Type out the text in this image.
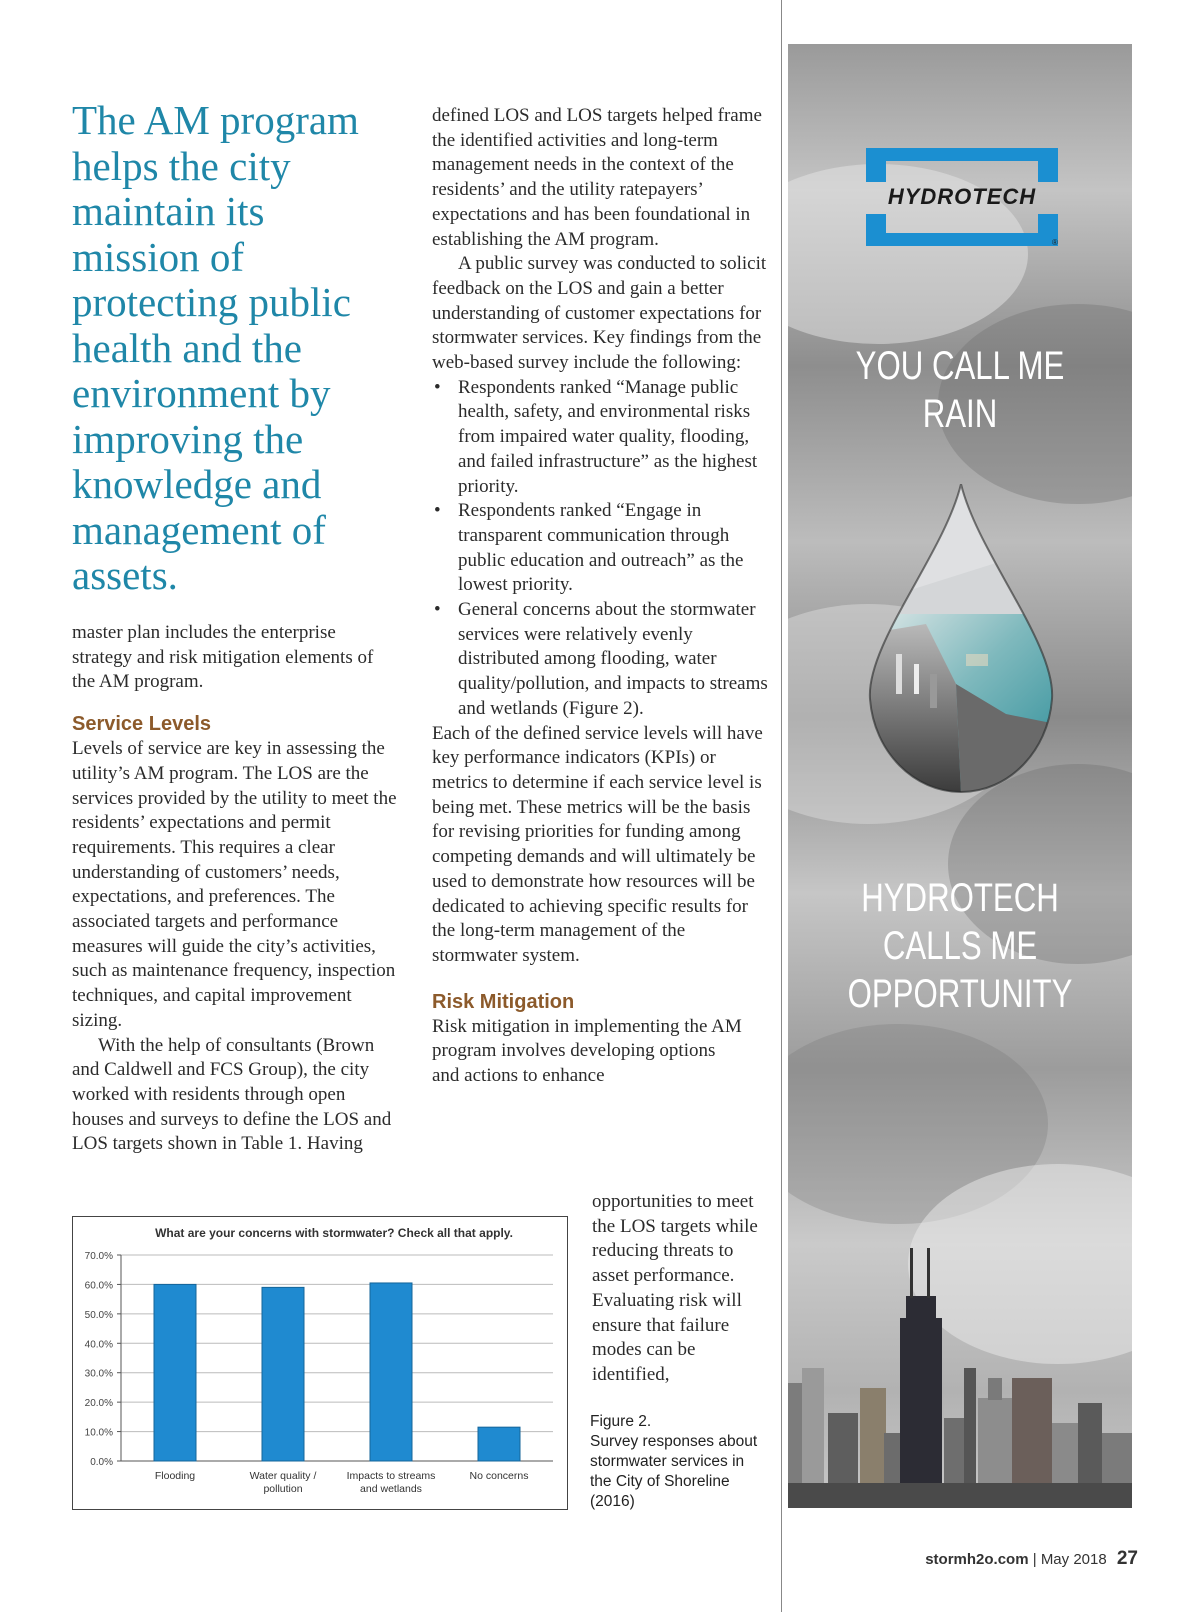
The AM program helps the city maintain its mission of protecting public health and the environment by improving the knowledge and management of assets.

master plan includes the enterprise strategy and risk mitigation elements of the AM program.

Service Levels

Levels of service are key in assessing the utility’s AM program. The LOS are the services provided by the utility to meet the residents’ expectations and permit requirements. This requires a clear understanding of customers’ needs, expectations, and preferences. The associated targets and performance measures will guide the city’s activities, such as maintenance frequency, inspection techniques, and capital improvement sizing.

With the help of consultants (Brown and Caldwell and FCS Group), the city worked with residents through open houses and surveys to define the LOS and LOS targets shown in Table 1. Having

defined LOS and LOS targets helped frame the identified activities and long-term management needs in the context of the residents’ and the utility ratepayers’ expectations and has been foundational in establishing the AM program.

A public survey was conducted to solicit feedback on the LOS and gain a better understanding of customer expectations for stormwater services. Key findings from the web-based survey include the following:

• Respondents ranked “Manage public health, safety, and environmental risks from impaired water quality, flooding, and failed infrastructure” as the highest priority.
• Respondents ranked “Engage in transparent communication through public education and outreach” as the lowest priority.
• General concerns about the stormwater services were relatively evenly distributed among flooding, water quality/pollution, and impacts to streams and wetlands (Figure 2).

Each of the defined service levels will have key performance indicators (KPIs) or metrics to determine if each service level is being met. These metrics will be the basis for revising priorities for funding among competing demands and will ultimately be used to demonstrate how resources will be dedicated to achieving specific results for the long-term management of the stormwater system.

Risk Mitigation

Risk mitigation in implementing the AM program involves developing options and actions to enhance

opportunities to meet the LOS targets while reducing threats to asset performance. Evaluating risk will ensure that failure modes can be identified,

What are your concerns with stormwater? Check all that apply.
0.0%
10.0%
20.0%
30.0%
40.0%
50.0%
60.0%
70.0%
Flooding	Water quality /
pollution
Impacts to streams
and wetlands
No concerns

Figure 2.

Survey responses about stormwater services in the City of Shoreline (2016)

HYDROTECH
®
YOU CALL ME RAIN
HYDROTECH CALLS ME OPPORTUNITY
stormh2o.com | May 2018 27
